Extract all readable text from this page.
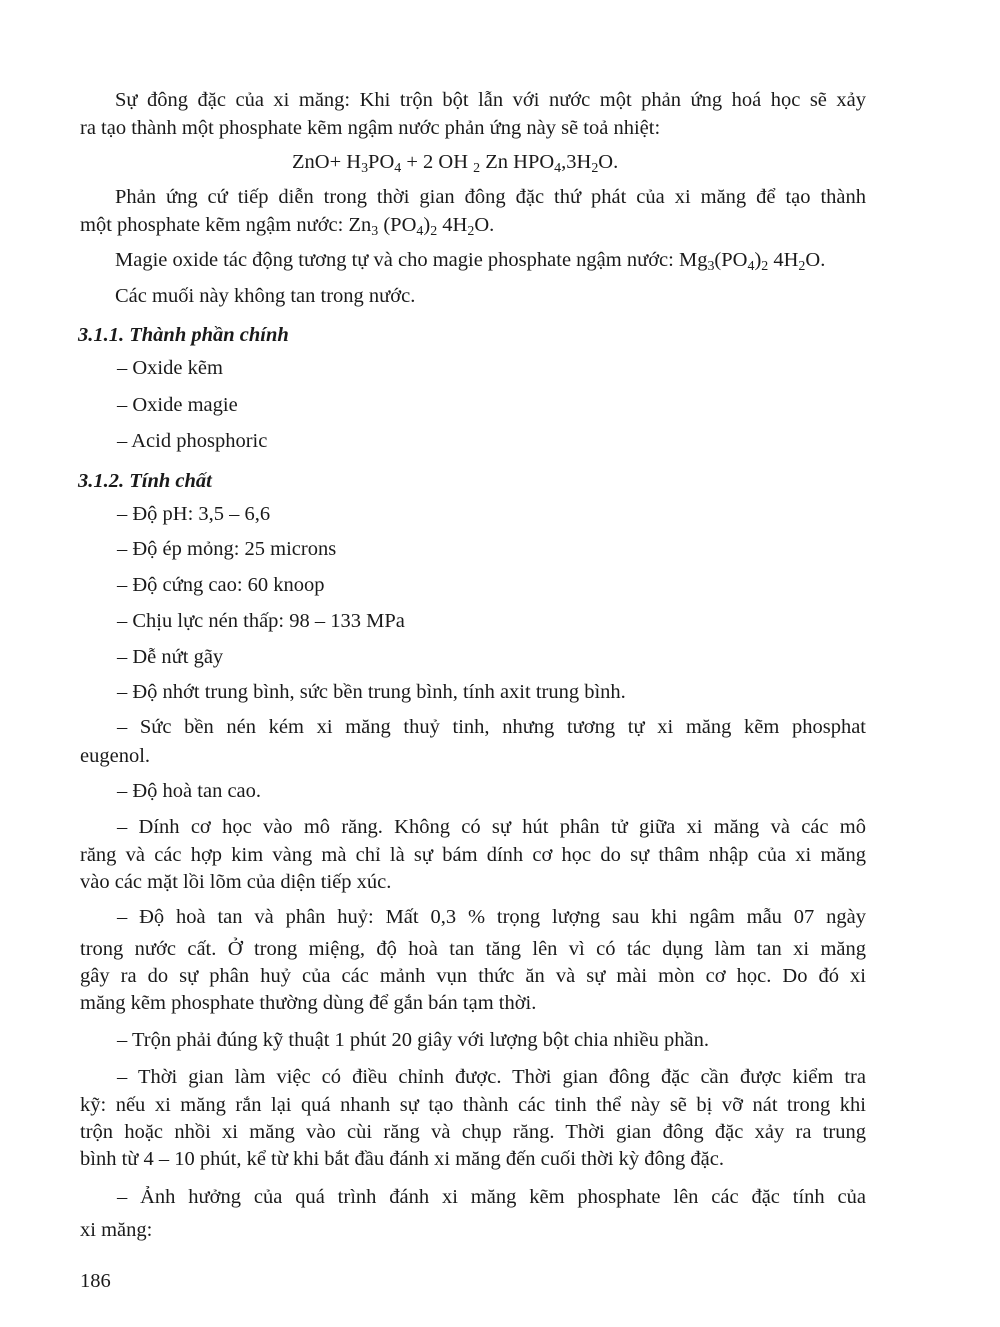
Sự đông đặc của xi măng: Khi trộn bột lẫn với nước một phản ứng hoá học sẽ xảy
ra tạo thành một phosphate kẽm ngậm nước phản ứng này sẽ toả nhiệt:
$ZnO+ H_3PO_4 + 2$ OH $_2$ Zn $HPO_4,3H_2O$.
Phản ứng cứ tiếp diễn trong thời gian đông đặc thứ phát của xi măng để tạo thành
một phosphate kẽm ngậm nước: $Zn_3$ $(PO_4)_2$ $4H_2O$.
Magie oxide tác động tương tự và cho magie phosphate ngậm nước: $Mg_3(PO_4)_2$ $4H_2O$.
Các muối này không tan trong nước.
3.1.1. Thành phần chính
– Oxide kẽm
– Oxide magie
– Acid phosphoric
3.1.2. Tính chất
– Độ pH: 3,5 – 6,6
– Độ ép mỏng: 25 microns
– Độ cứng cao: 60 knoop
– Chịu lực nén thấp: 98 – 133 MPa
– Dễ nứt gãy
– Độ nhớt trung bình, sức bền trung bình, tính axit trung bình.
– Sức bền nén kém xi măng thuỷ tinh, nhưng tương tự xi măng kẽm phosphat
eugenol.
– Độ hoà tan cao.
– Dính cơ học vào mô răng. Không có sự hút phân tử giữa xi măng và các mô
răng và các hợp kim vàng mà chỉ là sự bám dính cơ học do sự thâm nhập của xi măng
vào các mặt lồi lõm của diện tiếp xúc.
– Độ hoà tan và phân huỷ: Mất 0,3 % trọng lượng sau khi ngâm mẫu 07 ngày
trong nước cất. Ở trong miệng, độ hoà tan tăng lên vì có tác dụng làm tan xi măng
gây ra do sự phân huỷ của các mảnh vụn thức ăn và sự mài mòn cơ học. Do đó xi
măng kẽm phosphate thường dùng để gắn bán tạm thời.
– Trộn phải đúng kỹ thuật 1 phút 20 giây với lượng bột chia nhiều phần.
– Thời gian làm việc có điều chỉnh được. Thời gian đông đặc cần được kiểm tra
kỹ: nếu xi măng rắn lại quá nhanh sự tạo thành các tinh thể này sẽ bị vỡ nát trong khi
trộn hoặc nhồi xi măng vào cùi răng và chụp răng. Thời gian đông đặc xảy ra trung
bình từ 4 – 10 phút, kể từ khi bắt đầu đánh xi măng đến cuối thời kỳ đông đặc.
– Ảnh hưởng của quá trình đánh xi măng kẽm phosphate lên các đặc tính của
xi măng:
186
